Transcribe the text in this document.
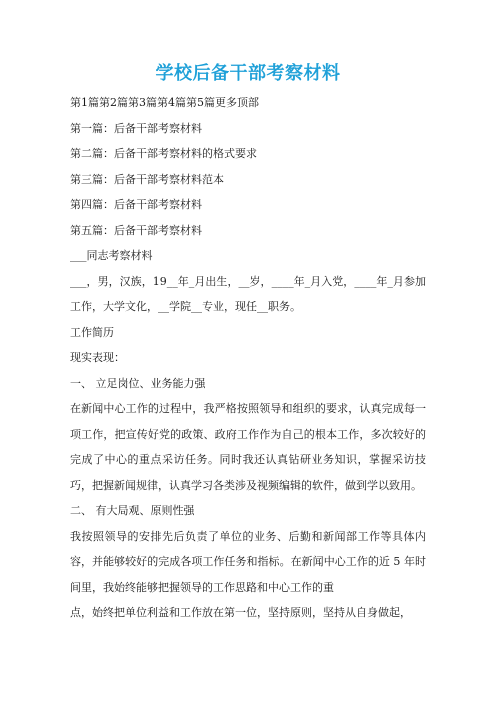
学校后备干部考察材料

第1篇第2篇第3篇第4篇第5篇更多顶部

第一篇：后备干部考察材料

第二篇：后备干部考察材料的格式要求

第三篇：后备干部考察材料范本

第四篇：后备干部考察材料

第五篇：后备干部考察材料

___同志考察材料

___，男，汉族，19__年_月出生，__岁，____年_月入党，____年_月参加工作，大学文化，__学院__专业，现任__职务。

工作简历

现实表现：

一、 立足岗位、业务能力强

在新闻中心工作的过程中，我严格按照领导和组织的要求，认真完成每一项工作，把宣传好党的政策、政府工作作为自己的根本工作，多次较好的完成了中心的重点采访任务。同时我还认真钻研业务知识，掌握采访技巧，把握新闻规律，认真学习各类涉及视频编辑的软件，做到学以致用。

二、 有大局观、原则性强

我按照领导的安排先后负责了单位的业务、后勤和新闻部工作等具体内容，并能够较好的完成各项工作任务和指标。在新闻中心工作的近 5 年时间里，我始终能够把握领导的工作思路和中心工作的重

点，始终把单位利益和工作放在第一位，坚持原则，坚持从自身做起，
